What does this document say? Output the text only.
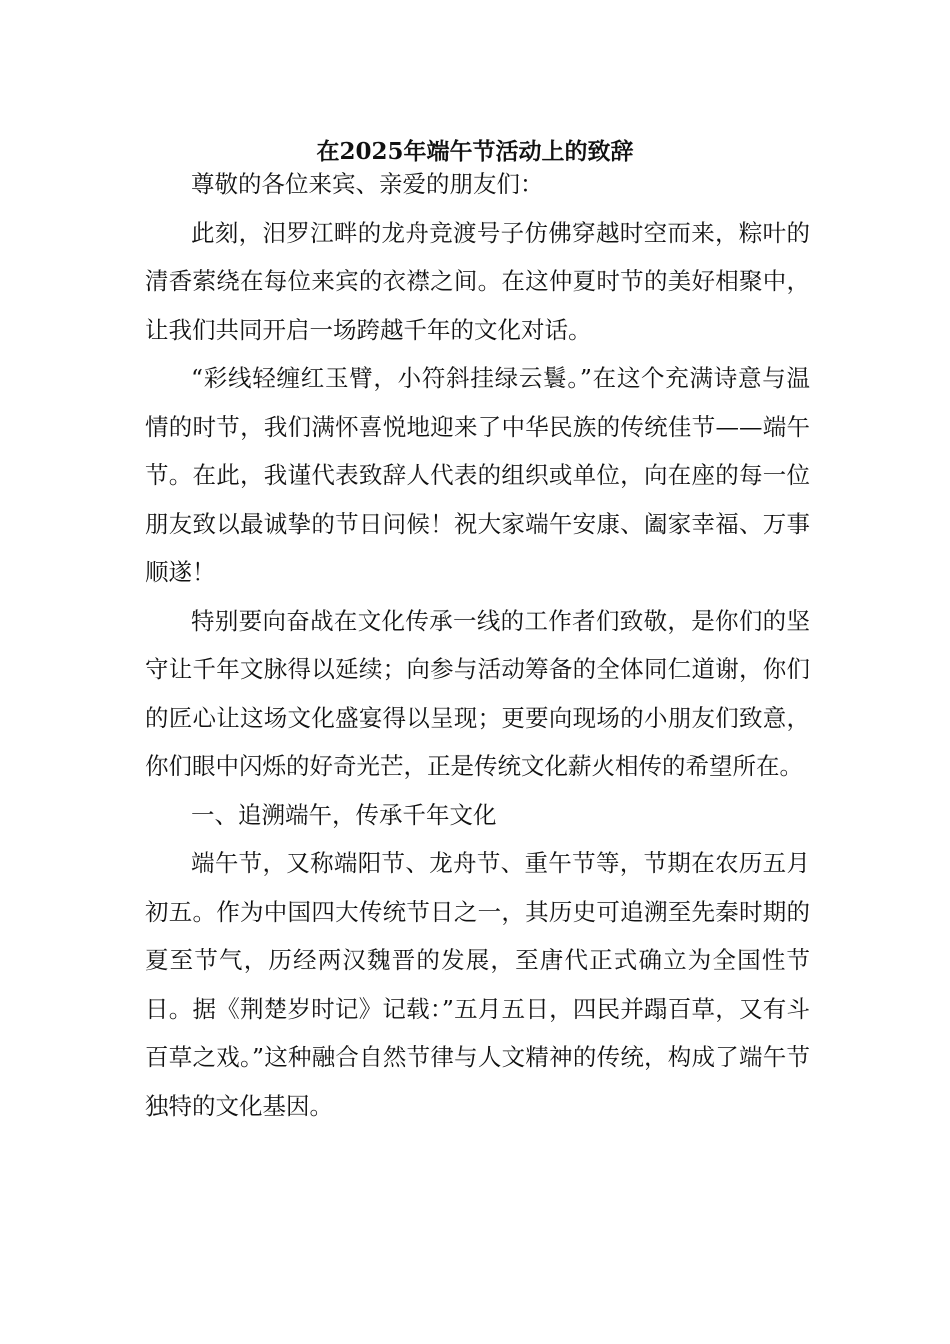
在2025年端午节活动上的致辞

尊敬的各位来宾、亲爱的朋友们：

此刻，汨罗江畔的龙舟竞渡号子仿佛穿越时空而来，粽叶的清香萦绕在每位来宾的衣襟之间。在这仲夏时节的美好相聚中，让我们共同开启一场跨越千年的文化对话。

“彩线轻缠红玉臂，小符斜挂绿云鬟。”在这个充满诗意与温情的时节，我们满怀喜悦地迎来了中华民族的传统佳节——端午节。在此，我谨代表致辞人代表的组织或单位，向在座的每一位朋友致以最诚挚的节日问候！祝大家端午安康、阖家幸福、万事顺遂！

特别要向奋战在文化传承一线的工作者们致敬，是你们的坚守让千年文脉得以延续；向参与活动筹备的全体同仁道谢，你们的匠心让这场文化盛宴得以呈现；更要向现场的小朋友们致意，你们眼中闪烁的好奇光芒，正是传统文化薪火相传的希望所在。

一、追溯端午，传承千年文化

端午节，又称端阳节、龙舟节、重午节等，节期在农历五月初五。作为中国四大传统节日之一，其历史可追溯至先秦时期的夏至节气，历经两汉魏晋的发展，至唐代正式确立为全国性节日。据《荆楚岁时记》记载：”五月五日，四民并蹋百草，又有斗百草之戏。”这种融合自然节律与人文精神的传统，构成了端午节独特的文化基因。
